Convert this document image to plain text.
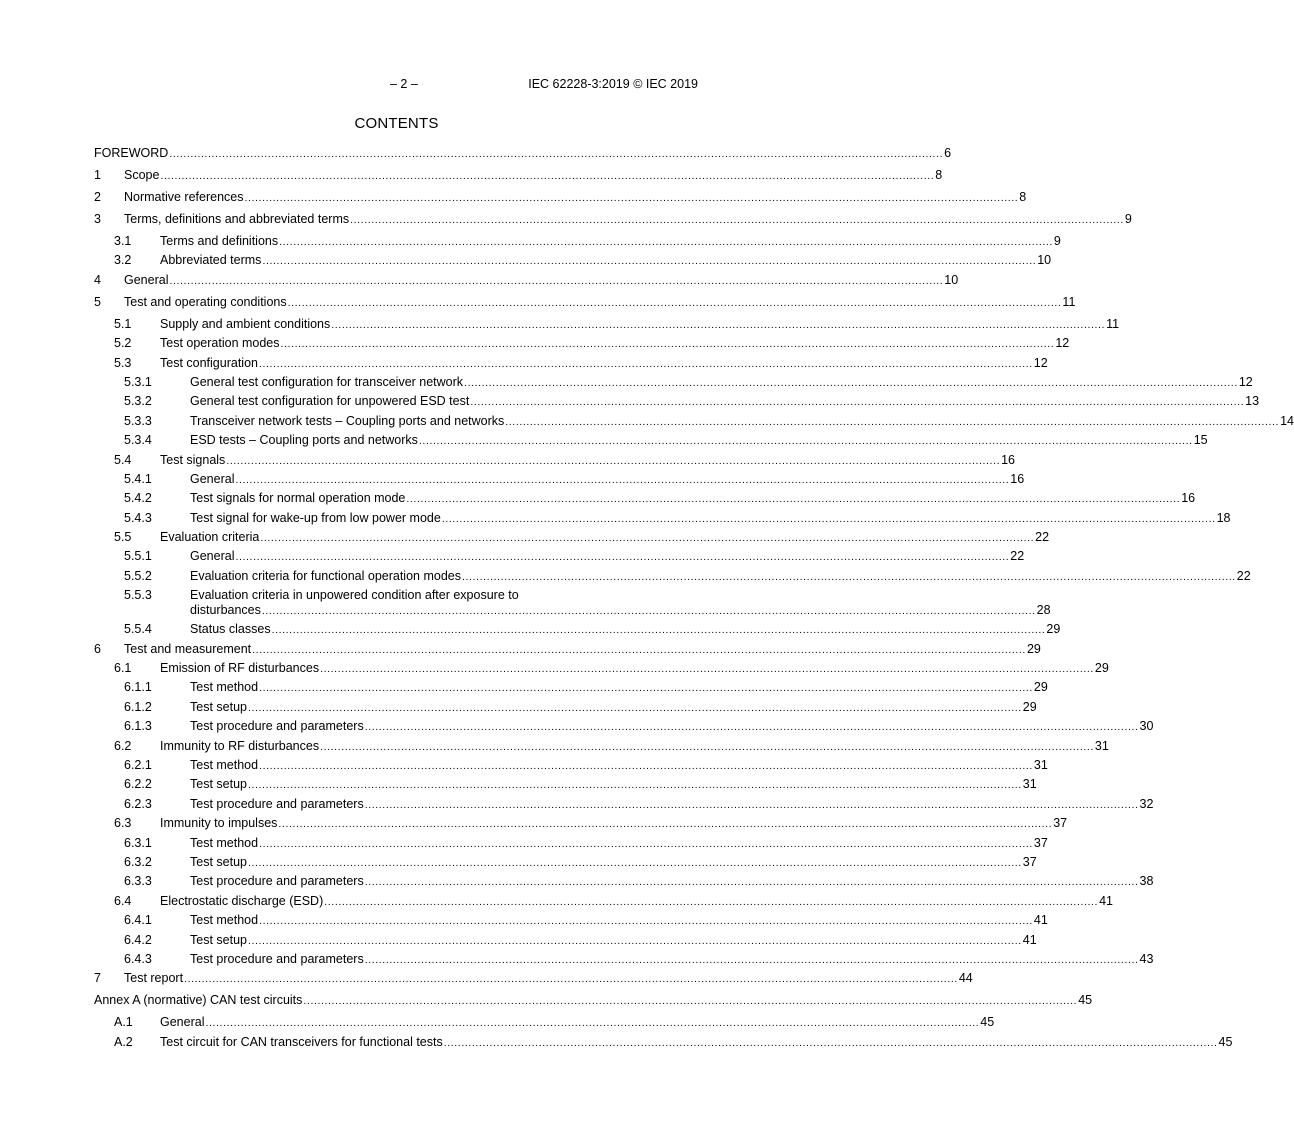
– 2 –	IEC 62228-3:2019 © IEC 2019
CONTENTS
FOREWORD ............................................................................................................................................................................................................................ 6
1 Scope ............................................................................................................................................................................................................................ 8
2 Normative references ............................................................................................................................................................................................................................ 8
3 Terms, definitions and abbreviated terms ............................................................................................................................................................................................................................ 9
3.1 Terms and definitions ............................................................................................................................................................................................................................ 9
3.2 Abbreviated terms ............................................................................................................................................................................................................................ 10
4 General ............................................................................................................................................................................................................................ 10
5 Test and operating conditions ............................................................................................................................................................................................................................ 11
5.1 Supply and ambient conditions ............................................................................................................................................................................................................................ 11
5.2 Test operation modes ............................................................................................................................................................................................................................ 12
5.3 Test configuration ............................................................................................................................................................................................................................ 12
5.3.1	General test configuration for transceiver network ............................................................................................................................................................................................................................ 12
5.3.2	General test configuration for unpowered ESD test ............................................................................................................................................................................................................................ 13
5.3.3	Transceiver network tests – Coupling ports and networks ............................................................................................................................................................................................................................ 14
5.3.4	ESD tests – Coupling ports and networks ............................................................................................................................................................................................................................ 15
5.4 Test signals ............................................................................................................................................................................................................................ 16
5.4.1	General ............................................................................................................................................................................................................................ 16
5.4.2	Test signals for normal operation mode ............................................................................................................................................................................................................................ 16
5.4.3	Test signal for wake-up from low power mode ............................................................................................................................................................................................................................ 18
5.5 Evaluation criteria ............................................................................................................................................................................................................................ 22
5.5.1	General ............................................................................................................................................................................................................................ 22
5.5.2	Evaluation criteria for functional operation modes ............................................................................................................................................................................................................................ 22
5.5.3	Evaluation criteria in unpowered condition after exposure to
disturbances ............................................................................................................................................................................................................................ 28
5.5.4	Status classes ............................................................................................................................................................................................................................ 29
6 Test and measurement ............................................................................................................................................................................................................................ 29
6.1 Emission of RF disturbances ............................................................................................................................................................................................................................ 29
6.1.1	Test method ............................................................................................................................................................................................................................ 29
6.1.2	Test setup ............................................................................................................................................................................................................................ 29
6.1.3	Test procedure and parameters ............................................................................................................................................................................................................................ 30
6.2 Immunity to RF disturbances ............................................................................................................................................................................................................................ 31
6.2.1	Test method ............................................................................................................................................................................................................................ 31
6.2.2	Test setup ............................................................................................................................................................................................................................ 31
6.2.3	Test procedure and parameters ............................................................................................................................................................................................................................ 32
6.3 Immunity to impulses ............................................................................................................................................................................................................................ 37
6.3.1	Test method ............................................................................................................................................................................................................................ 37
6.3.2	Test setup ............................................................................................................................................................................................................................ 37
6.3.3	Test procedure and parameters ............................................................................................................................................................................................................................ 38
6.4 Electrostatic discharge (ESD) ............................................................................................................................................................................................................................ 41
6.4.1	Test method ............................................................................................................................................................................................................................ 41
6.4.2	Test setup ............................................................................................................................................................................................................................ 41
6.4.3	Test procedure and parameters ............................................................................................................................................................................................................................ 43
7 Test report ............................................................................................................................................................................................................................ 44
Annex A (normative) CAN test circuits ............................................................................................................................................................................................................................ 45
A.1 General ............................................................................................................................................................................................................................ 45
A.2 Test circuit for CAN transceivers for functional tests ............................................................................................................................................................................................................................ 45
